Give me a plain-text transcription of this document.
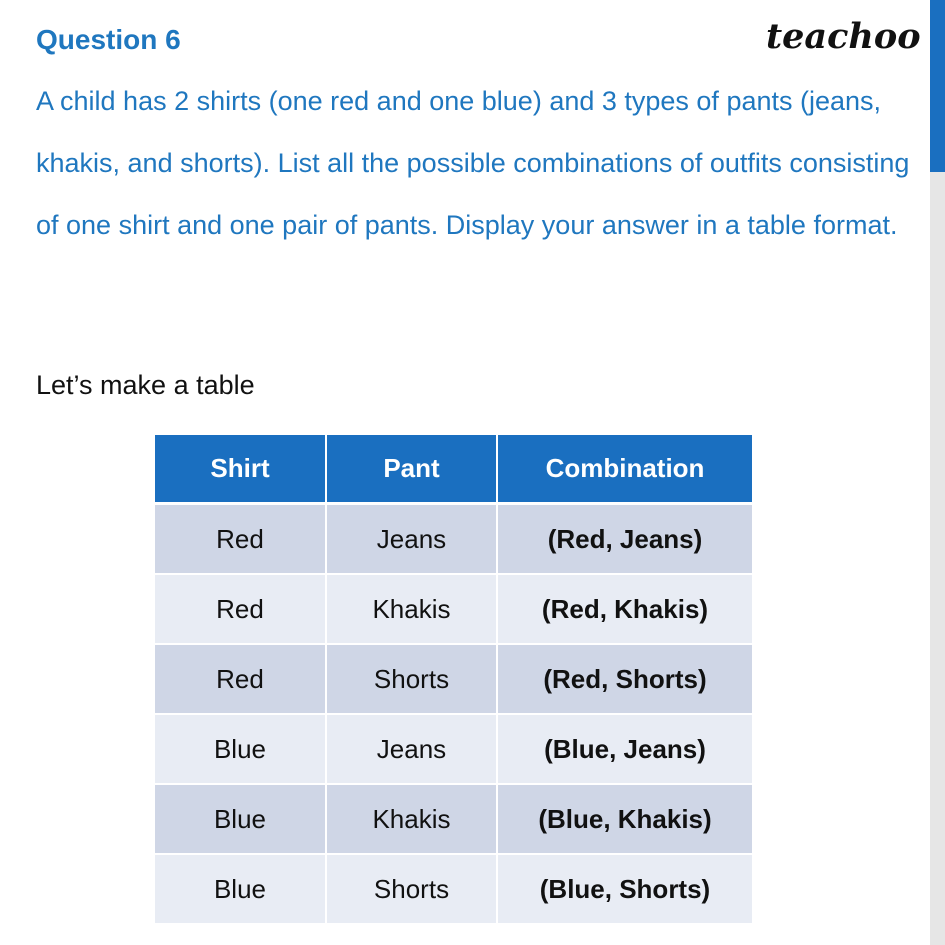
Question 6	teachoo

A child has 2 shirts (one red and one blue) and 3 types of pants (jeans, khakis, and shorts). List all the possible combinations of outfits consisting of one shirt and one pair of pants. Display your answer in a table format.

Let’s make a table

Shirt	Pant	Combination
Red	Jeans	(Red, Jeans)
Red	Khakis	(Red, Khakis)
Red	Shorts	(Red, Shorts)
Blue	Jeans	(Blue, Jeans)
Blue	Khakis	(Blue, Khakis)
Blue	Shorts	(Blue, Shorts)
